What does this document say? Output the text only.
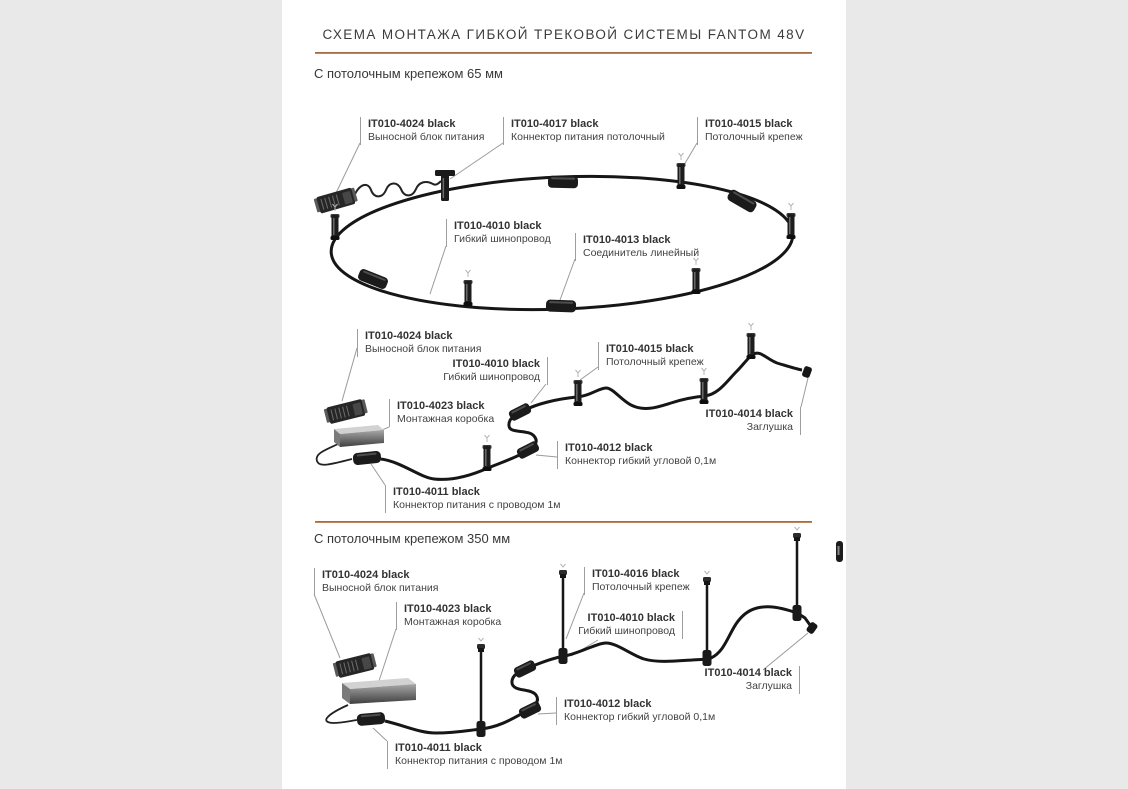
СХЕМА МОНТАЖА ГИБКОЙ ТРЕКОВОЙ СИСТЕМЫ FANTOM 48V
С потолочным крепежом 65 мм
С потолочным крепежом 350 мм
IT010-4024 black
Выносной блок питания
IT010-4017 black
Коннектор питания потолочный
IT010-4015 black
Потолочный крепеж
IT010-4010 black
Гибкий шинопровод	IT010-4013 black
Соединитель линейный
IT010-4024 black
Выносной блок питания
IT010-4010 black
Гибкий шинопровод
IT010-4015 black
Потолочный крепеж
IT010-4023 black
Монтажная коробка	IT010-4014 black
Заглушка
IT010-4012 black
Коннектор гибкий угловой 0,1м
IT010-4011 black
Коннектор питания с проводом 1м
IT010-4024 black
Выносной блок питания
IT010-4023 black
Монтажная коробка
IT010-4016 black
Потолочный крепеж
IT010-4010 black
Гибкий шинопровод
IT010-4012 black
Коннектор гибкий угловой 0,1м
IT010-4014 black
Заглушка
IT010-4011 black
Коннектор питания с проводом 1м
